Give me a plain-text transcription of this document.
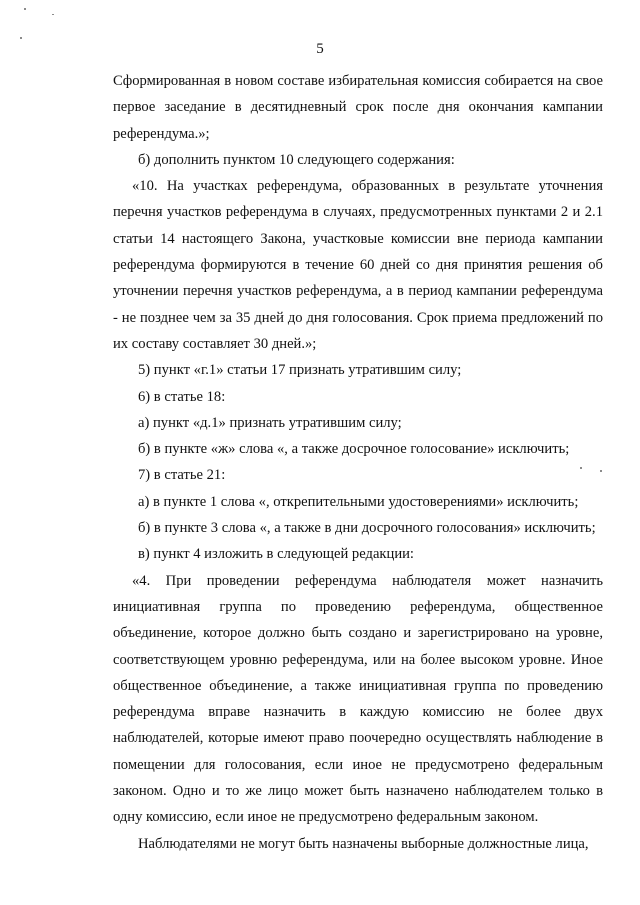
5

Сформированная в новом составе избирательная комиссия собирается на свое первое заседание в десятидневный срок после дня окончания кампании референдума.»;

б) дополнить пунктом 10 следующего содержания:

«10. На участках референдума, образованных в результате уточнения перечня участков референдума в случаях, предусмотренных пунктами 2 и 2.1 статьи 14 настоящего Закона, участковые комиссии вне периода кампании референдума формируются в течение 60 дней со дня принятия решения об уточнении перечня участков референдума, а в период кампании референдума - не позднее чем за 35 дней до дня голосования. Срок приема предложений по их составу составляет 30 дней.»;

5) пункт «г.1» статьи 17 признать утратившим силу;

6) в статье 18:

а) пункт «д.1» признать утратившим силу;

б) в пункте «ж» слова «, а также досрочное голосование» исключить;

7) в статье 21:

а) в пункте 1 слова «, открепительными удостоверениями» исключить;

б) в пункте 3 слова «, а также в дни досрочного голосования» исключить;

в) пункт 4 изложить в следующей редакции:

«4. При проведении референдума наблюдателя может назначить инициативная группа по проведению референдума, общественное объединение, которое должно быть создано и зарегистрировано на уровне, соответствующем уровню референдума, или на более высоком уровне. Иное общественное объединение, а также инициативная группа по проведению референдума вправе назначить в каждую комиссию не более двух наблюдателей, которые имеют право поочередно осуществлять наблюдение в помещении для голосования, если иное не предусмотрено федеральным законом. Одно и то же лицо может быть назначено наблюдателем только в одну комиссию, если иное не предусмотрено федеральным законом.

Наблюдателями не могут быть назначены выборные должностные лица,
